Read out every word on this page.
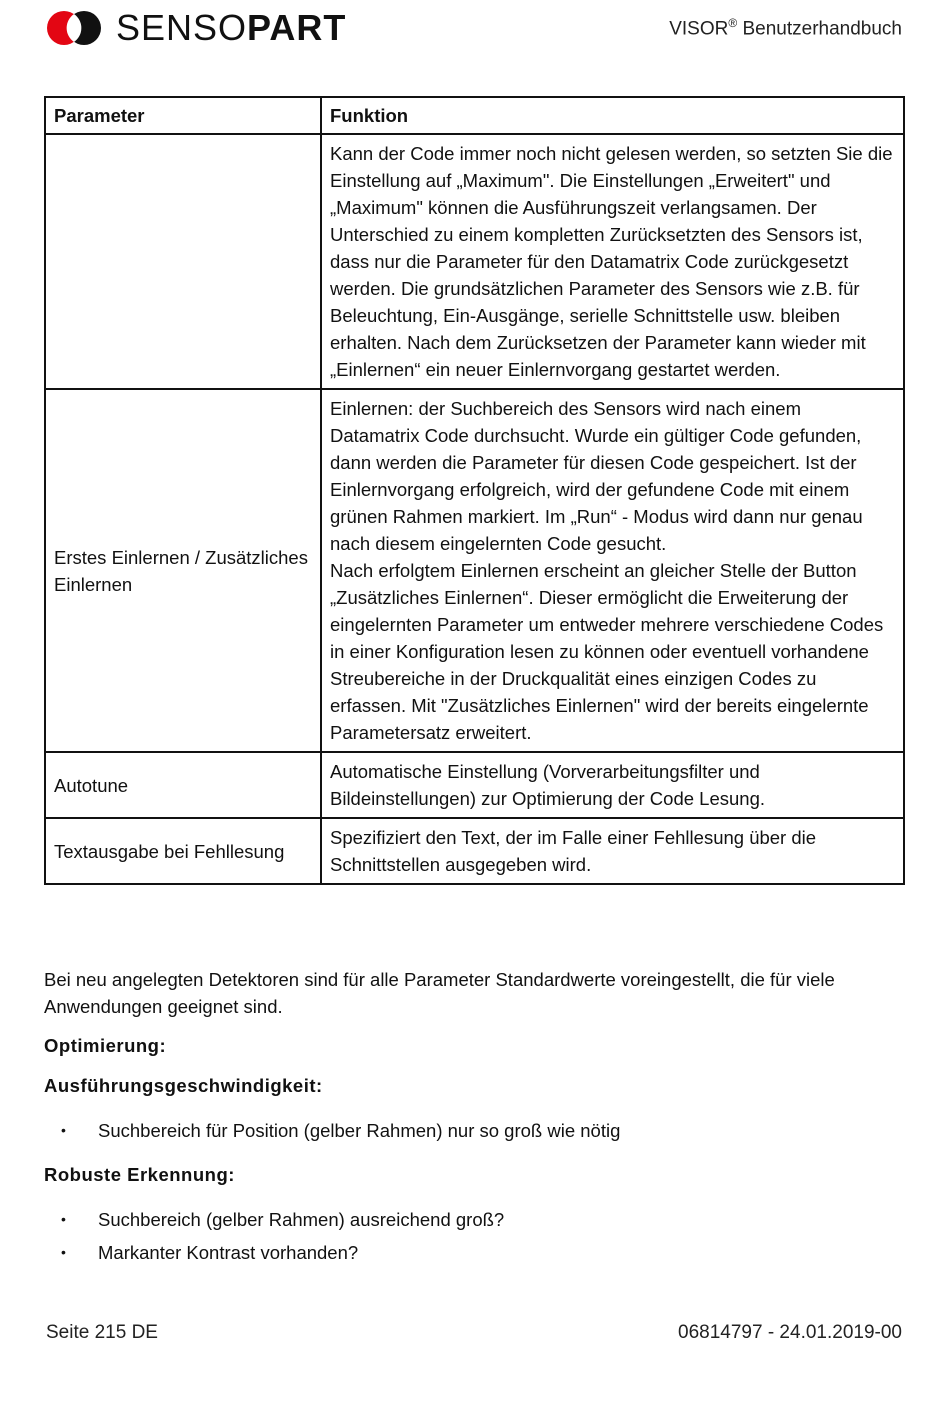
SENSOPART	VISOR® Benutzerhandbuch
Parameter	Funktion

	Kann der Code immer noch nicht gelesen werden, so setzten Sie die Einstellung auf „Maximum". Die Einstellungen „Erweitert" und „Maximum" können die Ausführungszeit verlangsamen. Der Unterschied zu einem kompletten Zurücksetzten des Sensors ist, dass nur die Parameter für den Datamatrix Code zurückgesetzt werden. Die grundsätzlichen Parameter des Sensors wie z.B. für Beleuchtung, Ein-Ausgänge, serielle Schnittstelle usw. bleiben erhalten. Nach dem Zurücksetzen der Parameter kann wieder mit „Einlernen“ ein neuer Einlernvorgang gestartet werden.

Erstes Einlernen / Zusätzliches Einlernen	Einlernen: der Suchbereich des Sensors wird nach einem Datamatrix Code durchsucht. Wurde ein gültiger Code gefunden, dann werden die Parameter für diesen Code gespeichert. Ist der Einlernvorgang erfolgreich, wird der gefundene Code mit einem grünen Rahmen markiert. Im „Run“ - Modus wird dann nur genau nach diesem eingelernten Code gesucht.

Nach erfolgtem Einlernen erscheint an gleicher Stelle der Button „Zusätzliches Einlernen“. Dieser ermöglicht die Erweiterung der eingelernten Parameter um entweder mehrere verschiedene Codes in einer Konfiguration lesen zu können oder eventuell vorhandene Streubereiche in der Druckqualität eines einzigen Codes zu erfassen. Mit "Zusätzliches Einlernen" wird der bereits eingelernte Parametersatz erweitert.

Autotune	Automatische Einstellung (Vorverarbeitungsfilter und Bildeinstellungen) zur Optimierung der Code Lesung.

Textausgabe bei Fehllesung	Spezifiziert den Text, der im Falle einer Fehllesung über die Schnittstellen ausgegeben wird.

Bei neu angelegten Detektoren sind für alle Parameter Standardwerte voreingestellt, die für viele Anwendungen geeignet sind.

Optimierung:
Ausführungsgeschwindigkeit:
• Suchbereich für Position (gelber Rahmen) nur so groß wie nötig
Robuste Erkennung:
• Suchbereich (gelber Rahmen) ausreichend groß?
• Markanter Kontrast vorhanden?
Seite 215 DE	06814797 - 24.01.2019-00
